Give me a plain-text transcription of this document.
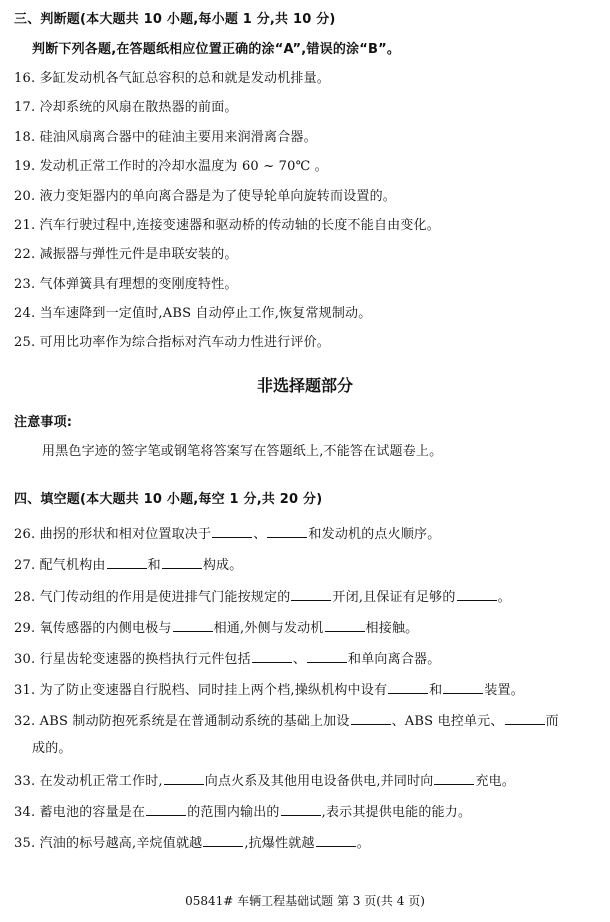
三、判断题(本大题共 10 小题,每小题 1 分,共 10 分)
判断下列各题,在答题纸相应位置正确的涂“A”,错误的涂“B”。
16. 多缸发动机各气缸总容积的总和就是发动机排量。
17. 冷却系统的风扇在散热器的前面。
18. 硅油风扇离合器中的硅油主要用来润滑离合器。
19. 发动机正常工作时的冷却水温度为 60 ~ 70℃ 。
20. 液力变矩器内的单向离合器是为了使导轮单向旋转而设置的。
21. 汽车行驶过程中,连接变速器和驱动桥的传动轴的长度不能自由变化。
22. 减振器与弹性元件是串联安装的。
23. 气体弹簧具有理想的变刚度特性。
24. 当车速降到一定值时,ABS 自动停止工作,恢复常规制动。
25. 可用比功率作为综合指标对汽车动力性进行评价。
非选择题部分
注意事项:
用黑色字迹的签字笔或钢笔将答案写在答题纸上,不能答在试题卷上。
四、填空题(本大题共 10 小题,每空 1 分,共 20 分)
26. 曲拐的形状和相对位置取决于	、	和发动机的点火顺序。
27. 配气机构由	和	构成。
28. 气门传动组的作用是使进排气门能按规定的	开闭,且保证有足够的	。
29. 氧传感器的内侧电极与	相通,外侧与发动机	相接触。
30. 行星齿轮变速器的换档执行元件包括	、	和单向离合器。
31. 为了防止变速器自行脱档、同时挂上两个档,操纵机构中设有	和	装置。
32. ABS 制动防抱死系统是在普通制动系统的基础上加设	、ABS 电控单元、	而
成的。
33. 在发动机正常工作时,	向点火系及其他用电设备供电,并同时向	充电。
34. 蓄电池的容量是在	的范围内输出的	,表示其提供电能的能力。
35. 汽油的标号越高,辛烷值就越	,抗爆性就越	。
05841# 车辆工程基础试题 第 3 页(共 4 页)
